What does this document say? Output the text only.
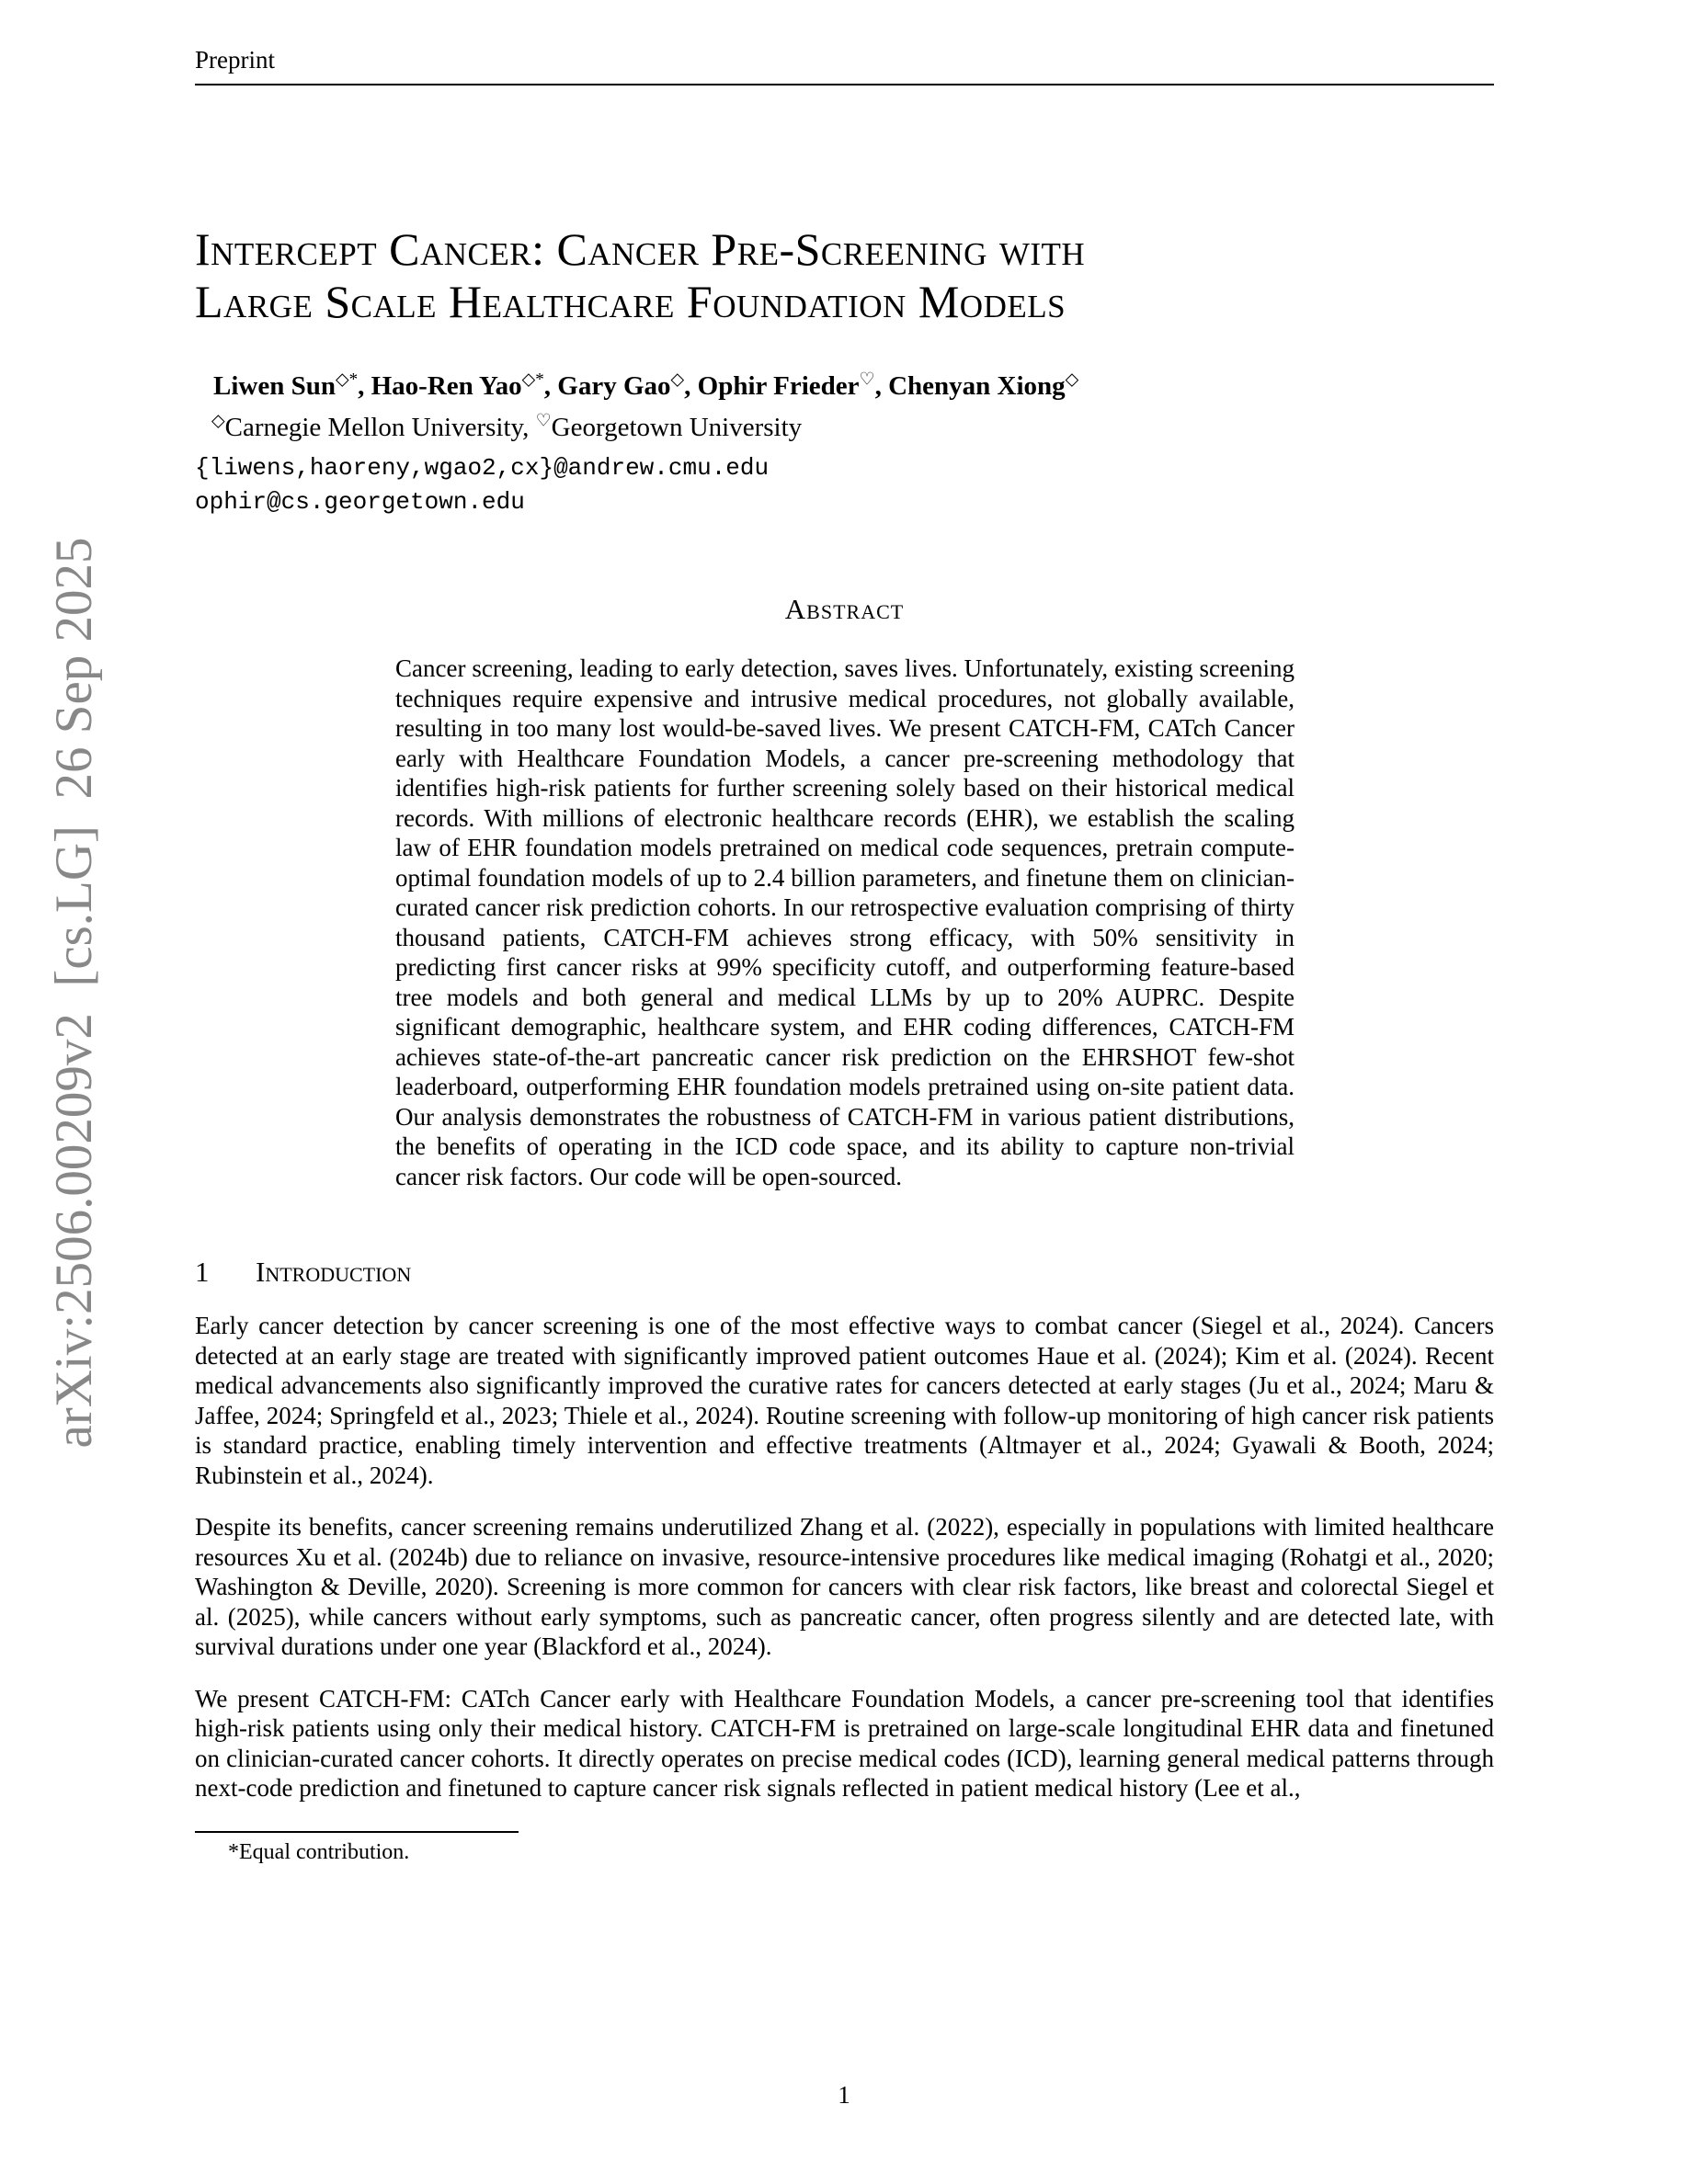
arXiv:2506.00209v2  [cs.LG]  26 Sep 2025
Preprint
Intercept Cancer: Cancer Pre-Screening with
Large Scale Healthcare Foundation Models
Liwen Sun◇*, Hao-Ren Yao◇*, Gary Gao◇, Ophir Frieder♡, Chenyan Xiong◇
◇Carnegie Mellon University, ♡Georgetown University
{liwens,haoreny,wgao2,cx}@andrew.cmu.edu
ophir@cs.georgetown.edu
Abstract
Cancer screening, leading to early detection, saves lives. Unfortunately, existing screening techniques require expensive and intrusive medical procedures, not globally available, resulting in too many lost would-be-saved lives. We present CATCH-FM, CATch Cancer early with Healthcare Foundation Models, a cancer pre-screening methodology that identifies high-risk patients for further screening solely based on their historical medical records. With millions of electronic healthcare records (EHR), we establish the scaling law of EHR foundation models pretrained on medical code sequences, pretrain compute-optimal foundation models of up to 2.4 billion parameters, and finetune them on clinician-curated cancer risk prediction cohorts. In our retrospective evaluation comprising of thirty thousand patients, CATCH-FM achieves strong efficacy, with 50% sensitivity in predicting first cancer risks at 99% specificity cutoff, and outperforming feature-based tree models and both general and medical LLMs by up to 20% AUPRC. Despite significant demographic, healthcare system, and EHR coding differences, CATCH-FM achieves state-of-the-art pancreatic cancer risk prediction on the EHRSHOT few-shot leaderboard, outperforming EHR foundation models pretrained using on-site patient data. Our analysis demonstrates the robustness of CATCH-FM in various patient distributions, the benefits of operating in the ICD code space, and its ability to capture non-trivial cancer risk factors. Our code will be open-sourced.
1 Introduction

Early cancer detection by cancer screening is one of the most effective ways to combat cancer (Siegel et al., 2024). Cancers detected at an early stage are treated with significantly improved patient outcomes Haue et al. (2024); Kim et al. (2024). Recent medical advancements also significantly improved the curative rates for cancers detected at early stages (Ju et al., 2024; Maru & Jaffee, 2024; Springfeld et al., 2023; Thiele et al., 2024). Routine screening with follow-up monitoring of high cancer risk patients is standard practice, enabling timely intervention and effective treatments (Altmayer et al., 2024; Gyawali & Booth, 2024; Rubinstein et al., 2024).

Despite its benefits, cancer screening remains underutilized Zhang et al. (2022), especially in populations with limited healthcare resources Xu et al. (2024b) due to reliance on invasive, resource-intensive procedures like medical imaging (Rohatgi et al., 2020; Washington & Deville, 2020). Screening is more common for cancers with clear risk factors, like breast and colorectal Siegel et al. (2025), while cancers without early symptoms, such as pancreatic cancer, often progress silently and are detected late, with survival durations under one year (Blackford et al., 2024).

We present CATCH-FM: CATch Cancer early with Healthcare Foundation Models, a cancer pre-screening tool that identifies high-risk patients using only their medical history. CATCH-FM is pretrained on large-scale longitudinal EHR data and finetuned on clinician-curated cancer cohorts. It directly operates on precise medical codes (ICD), learning general medical patterns through next-code prediction and finetuned to capture cancer risk signals reflected in patient medical history (Lee et al.,

*Equal contribution.
1
